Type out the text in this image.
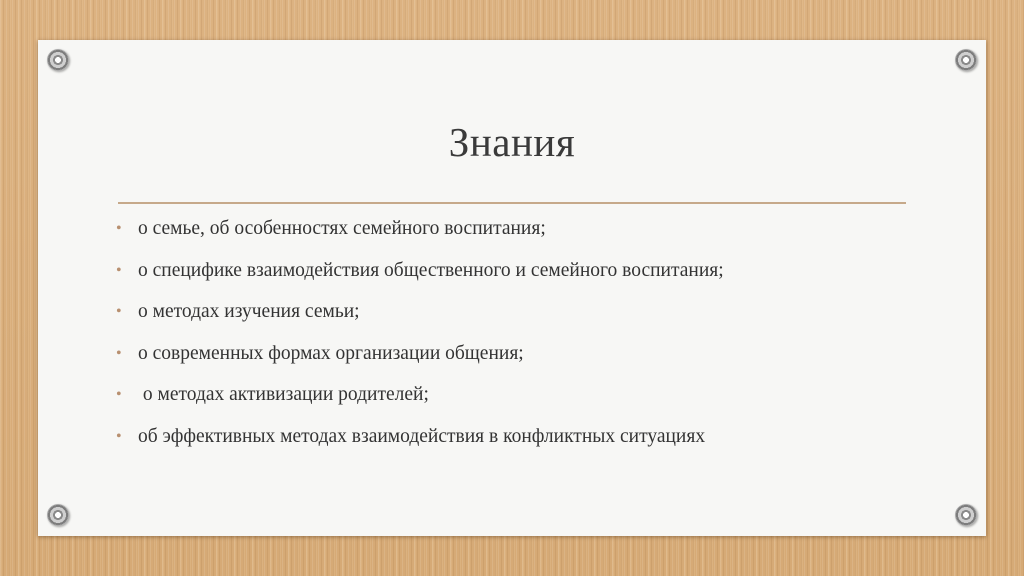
Знания
• о семье, об особенностях семейного воспитания;
• о специфике взаимодействия общественного и семейного воспитания;
• о методах изучения семьи;
• о современных формах организации общения;
• о методах активизации родителей;
• об эффективных методах взаимодействия в конфликтных ситуациях
